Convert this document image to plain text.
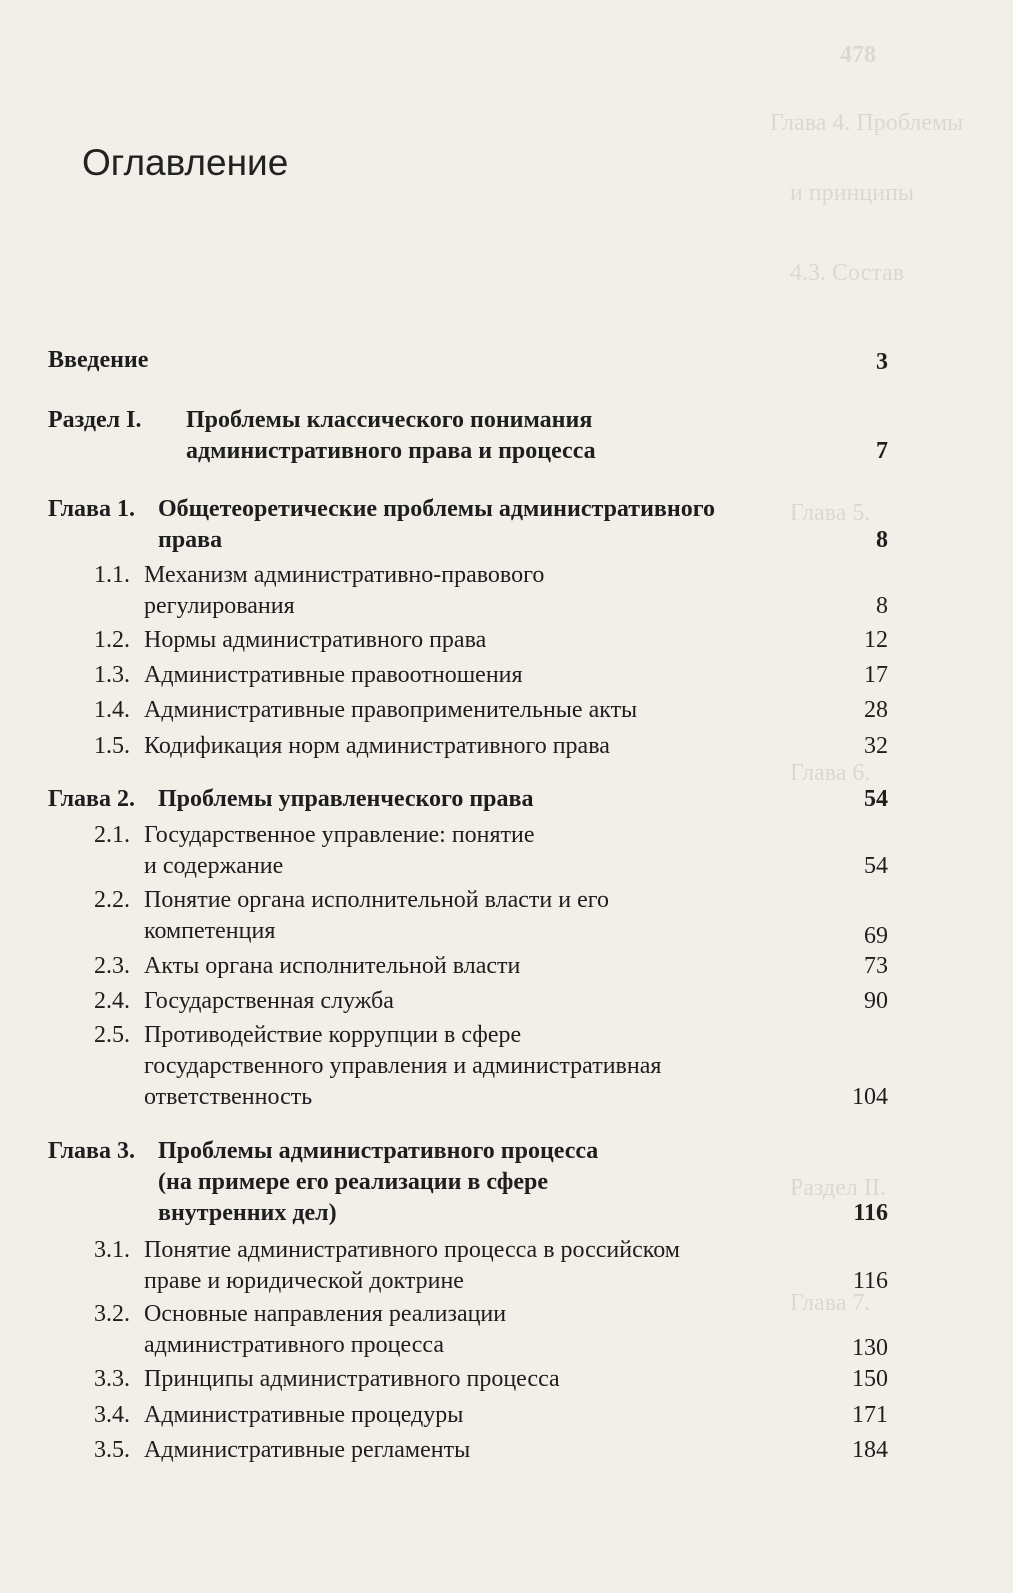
478
Глава 4. Проблемы
и принципы
4.3. Состав
Глава 5.
Глава 6.
Раздел II.
Глава 7.
Оглавление
Введение	3
Раздел I. Проблемы классического понимания
административного права и процесса	7
Глава 1. Общетеоретические проблемы административного
права	8
1.1. Механизм административно-правового
регулирования	8
1.2. Нормы административного права	12
1.3. Административные правоотношения	17
1.4. Административные правоприменительные акты	28
1.5. Кодификация норм административного права	32
Глава 2. Проблемы управленческого права	54
2.1. Государственное управление: понятие
и содержание	54
2.2. Понятие органа исполнительной власти и его
компетенция	69
2.3. Акты органа исполнительной власти	73
2.4. Государственная служба	90
2.5. Противодействие коррупции в сфере
государственного управления и административная
ответственность	104
Глава 3. Проблемы административного процесса
(на примере его реализации в сфере
внутренних дел)	116
3.1. Понятие административного процесса в российском
праве и юридической доктрине	116
3.2. Основные направления реализации
административного процесса	130
3.3. Принципы административного процесса	150
3.4. Административные процедуры	171
3.5. Административные регламенты	184
